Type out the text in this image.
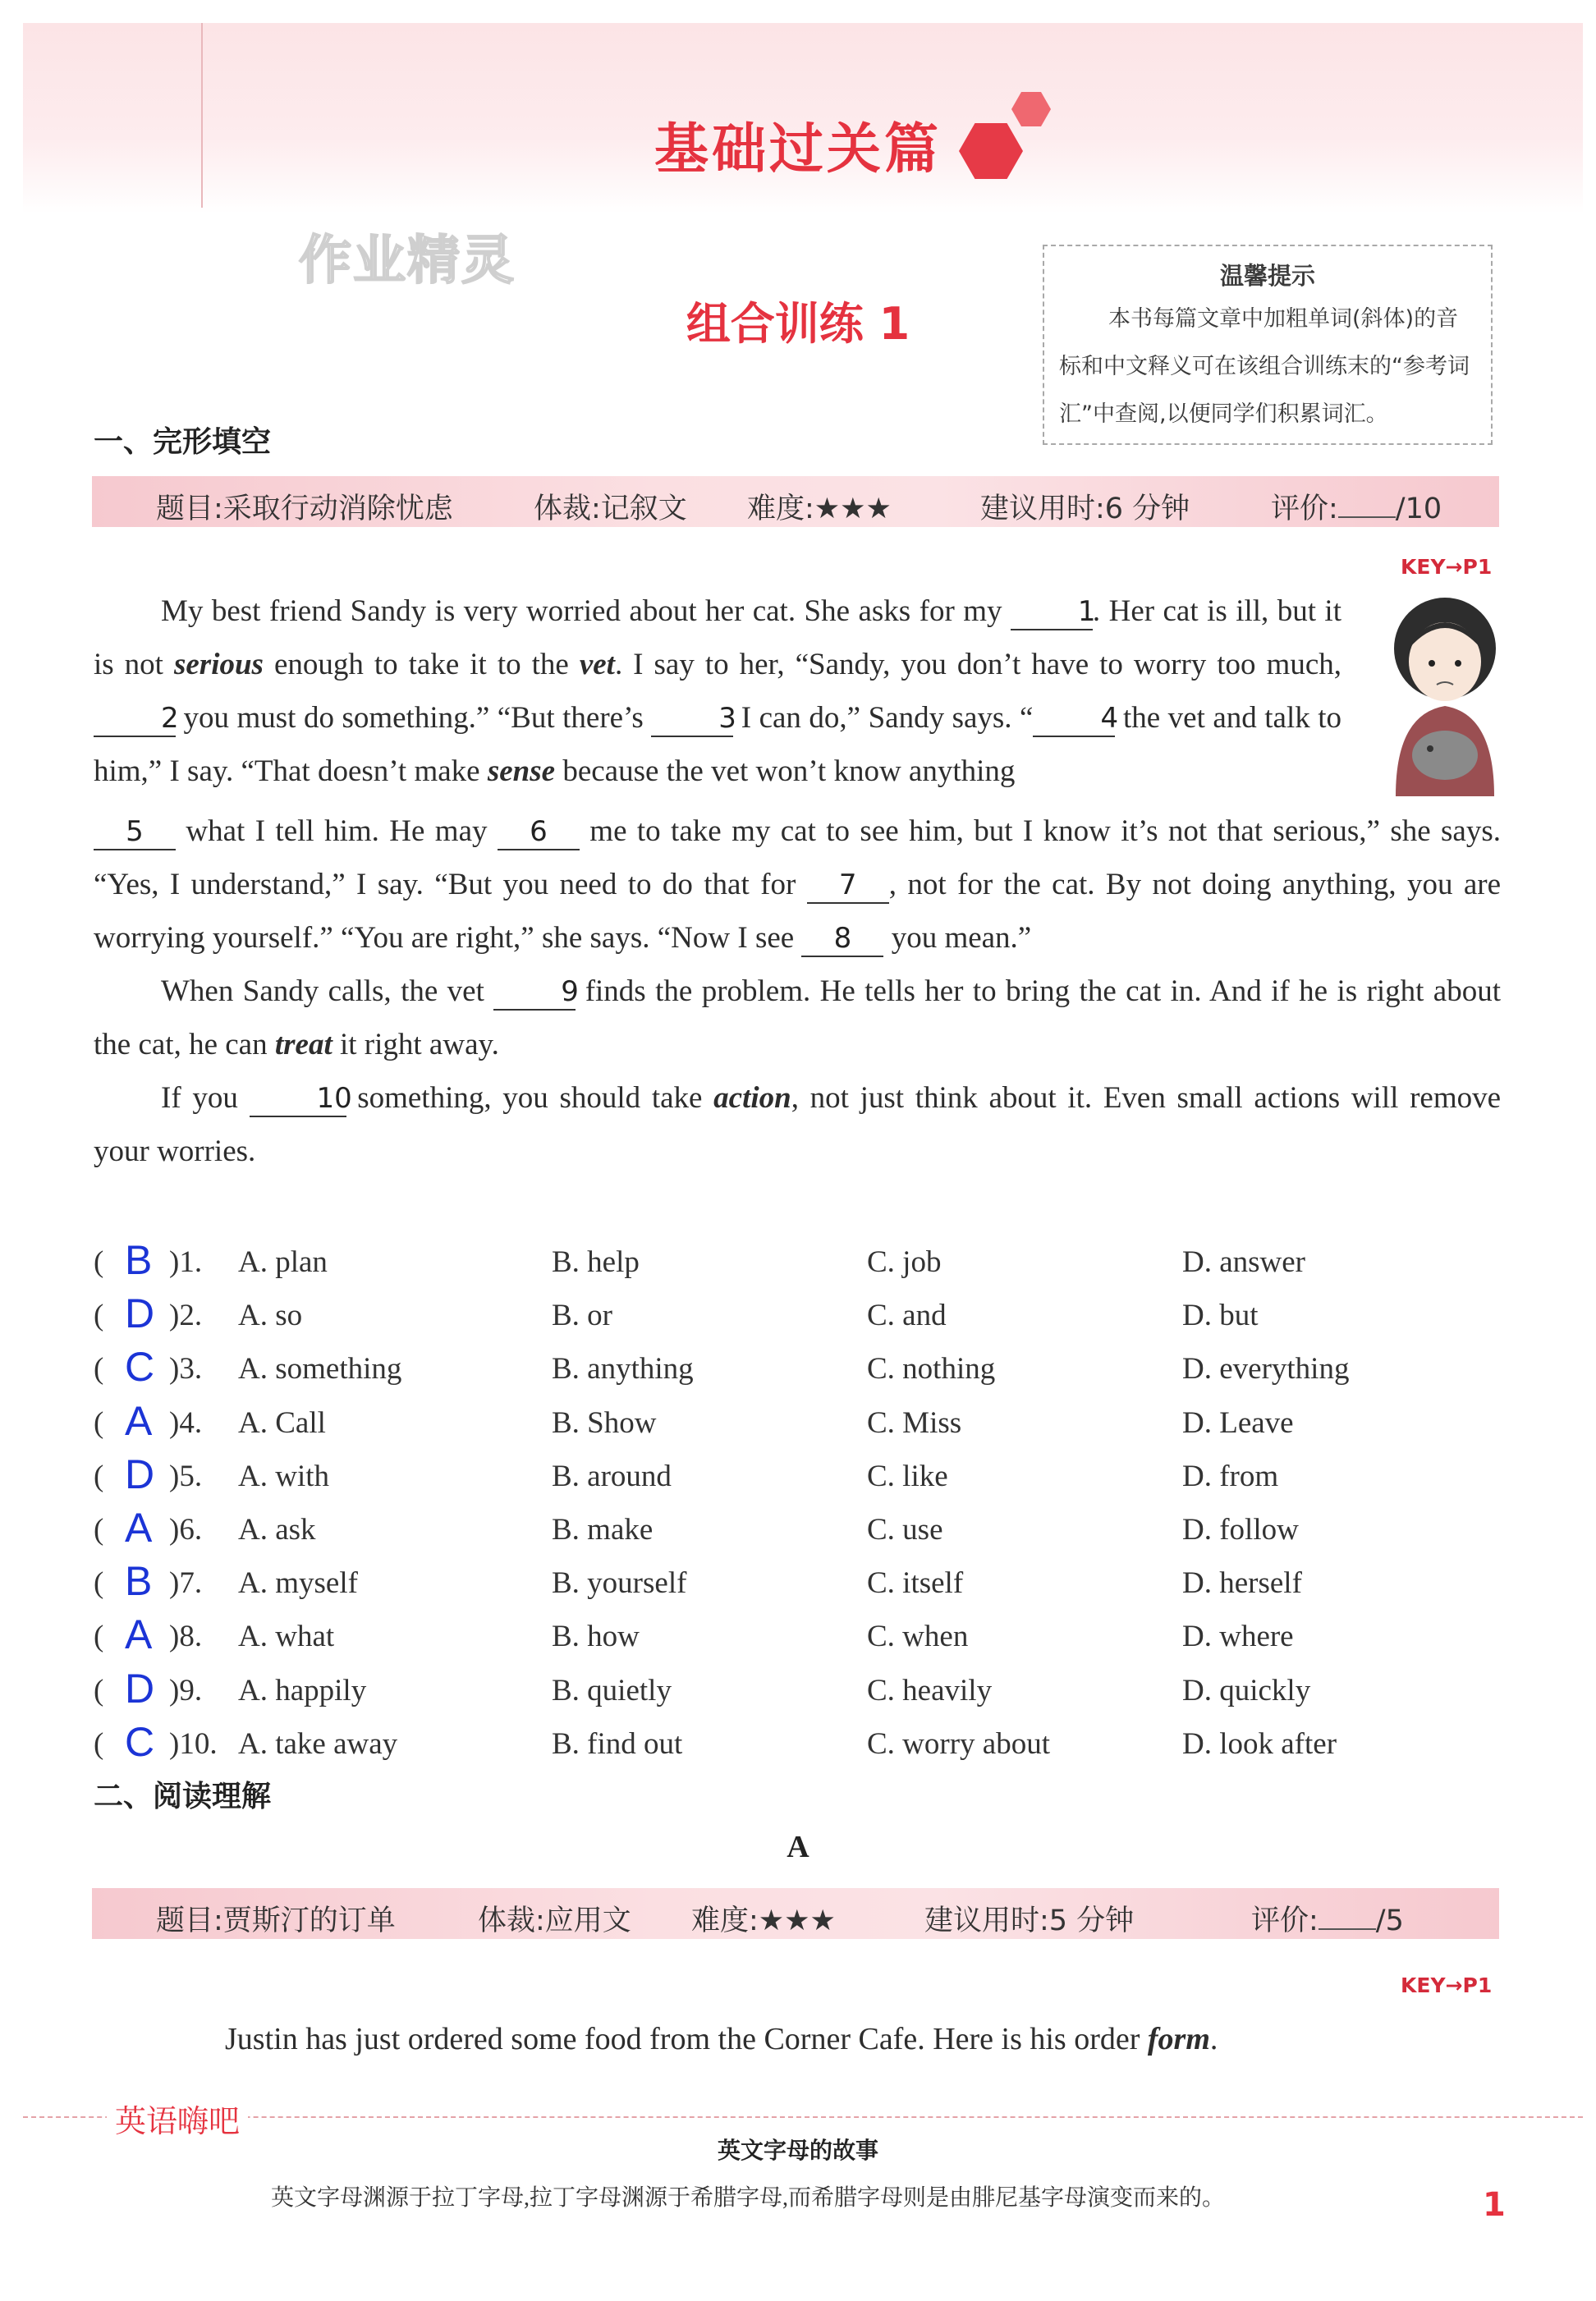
基础过关篇
作业精灵
组合训练 1
温馨提示
本书每篇文章中加粗单词(斜体)的音标和中文释义可在该组合训练末的“参考词汇”中查阅,以便同学们积累词汇。
一、完形填空
题目:采取行动消除忧虑	体裁:记叙文 难度:★★★	建议用时:6 分钟	评价: /10
KEY→P1

My best friend Sandy is very worried about her cat. She asks for my	1. Her cat is ill, but it is not serious enough to take it to the vet. I say to her, “Sandy, you don’t have to worry too much, 2 you must do something.” “But there’s	3 I can do,” Sandy says. “ 4 the vet and talk to him,” I say. “That doesn’t make sense because the vet won’t know anything

5 what I tell him. He may 6 me to take my cat to see him, but I know it’s not that serious,” she says. “Yes, I understand,” I say. “But you need to do that for 7 , not for the cat. By not doing anything, you are worrying yourself.” “You are right,” she says. “Now I see 8 you mean.”

When Sandy calls, the vet	9 finds the problem. He tells her to bring the cat in. And if he is right about the cat, he can treat it right away.

If you	10 something, you should take action, not just think about it. Even small actions will remove your worries.

( B )1. A. plan	B. help	C. job	D. answer
( D )2. A. so	B. or	C. and	D. but
( C )3. A. something	B. anything	C. nothing	D. everything
( A )4. A. Call	B. Show	C. Miss	D. Leave
( D )5. A. with	B. around	C. like	D. from
( A )6. A. ask	B. make	C. use	D. follow
( B )7. A. myself	B. yourself	C. itself	D. herself
( A )8. A. what	B. how	C. when	D. where
( D )9. A. happily	B. quietly	C. heavily	D. quickly
( C )10. A. take away	B. find out	C. worry about	D. look after
二、阅读理解
A
题目:贾斯汀的订单	体裁:应用文 难度:★★★	建议用时:5 分钟	评价: /5
KEY→P1
Justin has just ordered some food from the Corner Cafe. Here is his order form.
英语嗨吧
英文字母的故事
英文字母渊源于拉丁字母,拉丁字母渊源于希腊字母,而希腊字母则是由腓尼基字母演变而来的。	1
